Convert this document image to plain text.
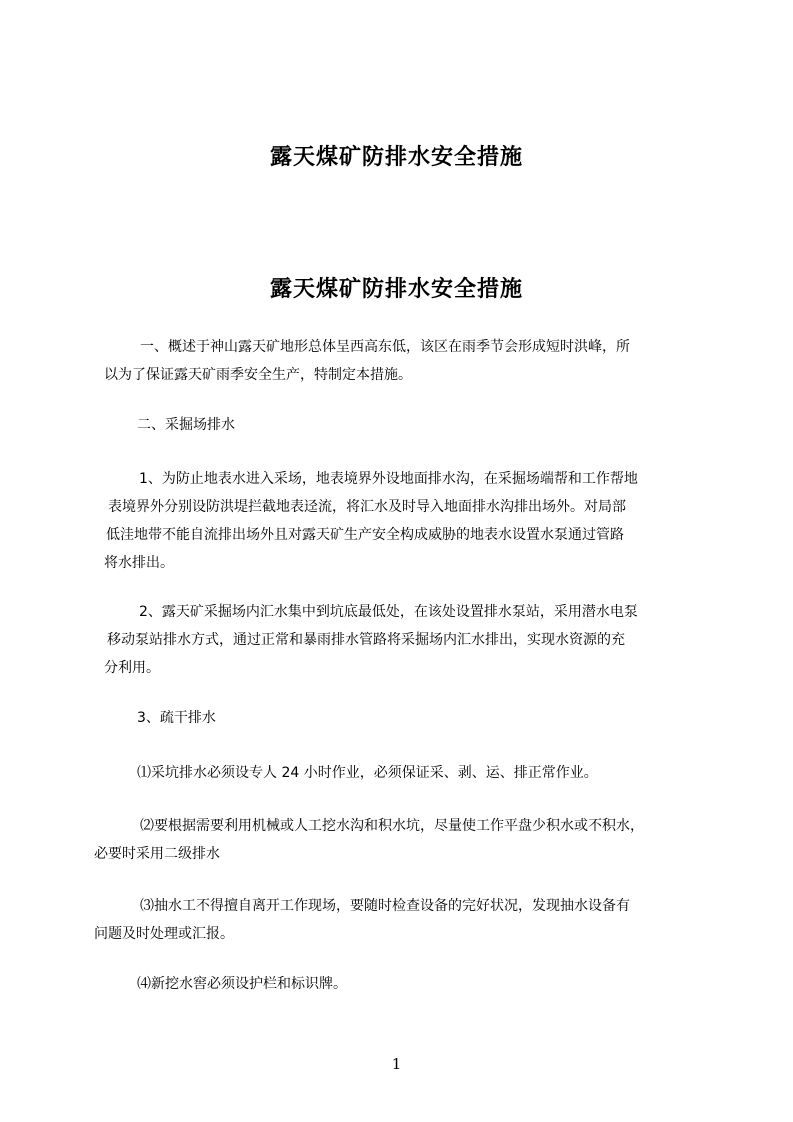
露天煤矿防排水安全措施
露天煤矿防排水安全措施

一、概述于神山露天矿地形总体呈西高东低，该区在雨季节会形成短时洪峰，所
以为了保证露天矿雨季安全生产，特制定本措施。

二、采掘场排水

1、为防止地表水进入采场，地表境界外设地面排水沟，在采掘场端帮和工作帮地
表境界外分别设防洪堤拦截地表迳流，将汇水及时导入地面排水沟排出场外。对局部
低洼地带不能自流排出场外且对露天矿生产安全构成威胁的地表水设置水泵通过管路
将水排出。

2、露天矿采掘场内汇水集中到坑底最低处，在该处设置排水泵站，采用潜水电泵
移动泵站排水方式，通过正常和暴雨排水管路将采掘场内汇水排出，实现水资源的充
分利用。

3、疏干排水

⑴采坑排水必须设专人 24 小时作业，必须保证采、剥、运、排正常作业。

⑵要根据需要利用机械或人工挖水沟和积水坑，尽量使工作平盘少积水或不积水，
必要时采用二级排水

⑶抽水工不得擅自离开工作现场，要随时检查设备的完好状况，发现抽水设备有
问题及时处理或汇报。

⑷新挖水窖必须设护栏和标识牌。

1
